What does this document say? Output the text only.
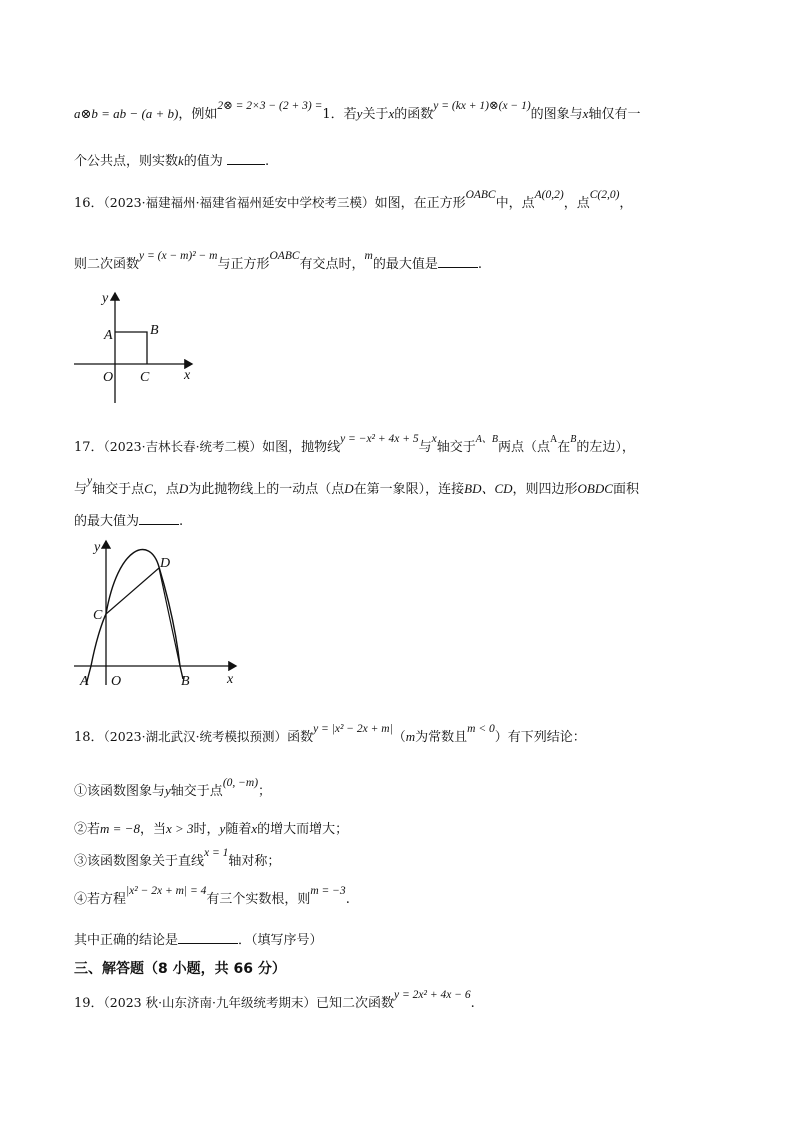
a⊗b = ab − (a + b)，例如2⊗ = 2×3 − (2 + 3) =1．若y关于x的函数y = (kx + 1)⊗(x − 1)的图象与x轴仅有一
个公共点，则实数k的值为	.
16．（2023·福建福州·福建省福州延安中学校考三模）如图，在正方形OABC中，点A(0,2)，点C(2,0)，
则二次函数y = (x − m)² − m与正方形OABC有交点时，m的最大值是	.
y
A	B
O C x
17．（2023·吉林长春·统考二模）如图，抛物线y = −x² + 4x + 5与x轴交于$^{A、B}$两点（点$^A$在$^B$的左边），
与y轴交于点C，点D为此抛物线上的一动点（点D在第一象限），连接BD、CD，则四边形OBDC面积
的最大值为	.
y
D
C
A O	B	x
18．（2023·湖北武汉·统考模拟预测）函数y = |x² − 2x + m|（m为常数且m < 0）有下列结论：
①该函数图象与y轴交于点(0, −m)；
②若m = −8，当x > 3时，y随着x的增大而增大；
③该函数图象关于直线x = 1轴对称；
④若方程|x² − 2x + m| = 4有三个实数根，则m = −3.
其中正确的结论是	．（填写序号）
三、解答题（8 小题，共 66 分）
19．（2023 秋·山东济南·九年级统考期末）已知二次函数y = 2x² + 4x − 6.
